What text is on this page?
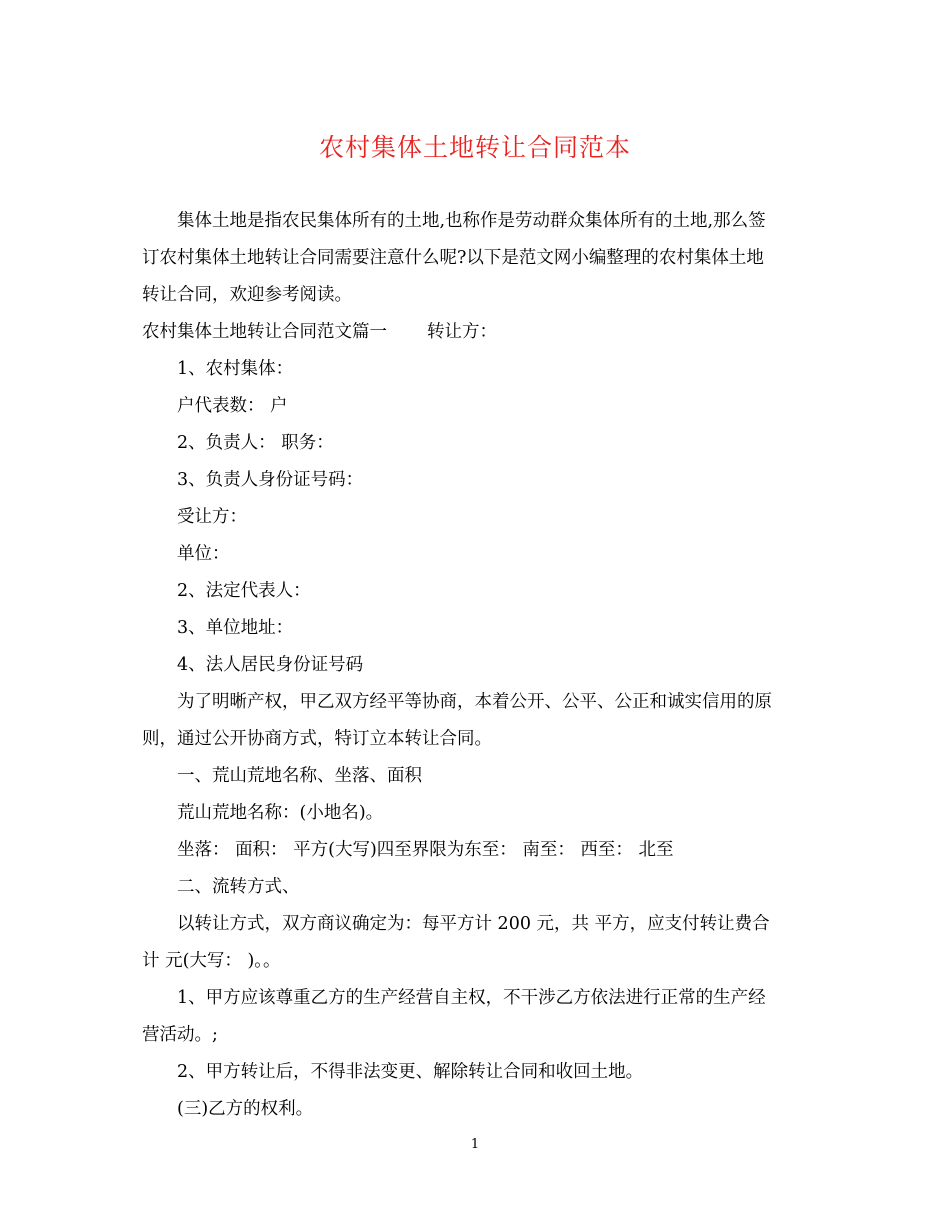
农村集体土地转让合同范本

集体土地是指农民集体所有的土地,也称作是劳动群众集体所有的土地,那么签

订农村集体土地转让合同需要注意什么呢?以下是范文网小编整理的农村集体土地

转让合同，欢迎参考阅读。

农村集体土地转让合同范文篇一 转让方：

1、农村集体：

户代表数： 户

2、负责人： 职务：

3、负责人身份证号码：

受让方：

单位：

2、法定代表人：

3、单位地址：

4、法人居民身份证号码

为了明晰产权，甲乙双方经平等协商，本着公开、公平、公正和诚实信用的原

则，通过公开协商方式，特订立本转让合同。

一、荒山荒地名称、坐落、面积

荒山荒地名称：(小地名)。

坐落： 面积： 平方(大写)四至界限为东至： 南至： 西至： 北至

二、流转方式、

以转让方式，双方商议确定为：每平方计 200 元，共 平方，应支付转让费合

计 元(大写： )。。

1、甲方应该尊重乙方的生产经营自主权，不干涉乙方依法进行正常的生产经

营活动。;

2、甲方转让后，不得非法变更、解除转让合同和收回土地。

(三)乙方的权利。

1
